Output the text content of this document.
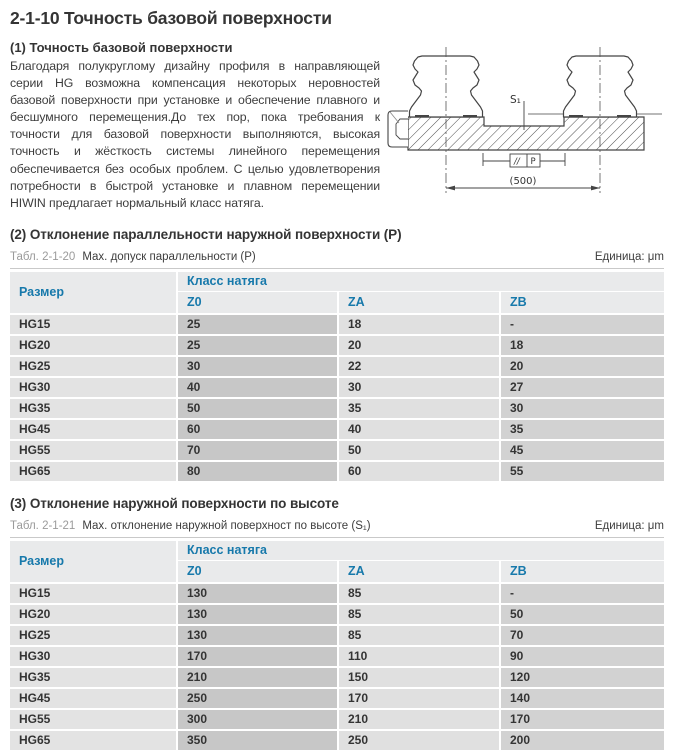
2-1-10 Точность базовой поверхности
(1) Точность базовой поверхности

Благодаря полукруглому дизайну профиля в направляющей серии HG возможна компенсация некоторых неровностей базовой поверхности при установке и обеспечение плавного и бесшумного перемещения.До тех пор, пока требования к точности для базовой поверхности выполняются, высокая точность и жёсткость системы линейного перемещения обеспечивается без особых проблем. С целью удовлетворения потребности в быстрой установке и плавном перемещении HIWIN предлагает нормальный класс натяга.

S₁
// P
(500)
(2) Отклонение параллельности наружной поверхности (P)
Табл. 2-1-20 Мах. допуск параллельности (P)	Единица: μm
Размер
Класс натяга
Z0	ZA	ZB
HG15	25	18	-
HG20	25	20	18
HG25	30	22	20
HG30	40	30	27
HG35	50	35	30
HG45	60	40	35
HG55	70	50	45
HG65	80	60	55
(3) Отклонение наружной поверхности по высоте
Табл. 2-1-21 Мах. отклонение наружной поверхност по высоте (S₁)	Единица: μm
Размер
Класс натяга
Z0	ZA	ZB
HG15	130	85	-
HG20	130	85	50
HG25	130	85	70
HG30	170	110	90
HG35	210	150	120
HG45	250	170	140
HG55	300	210	170
HG65	350	250	200
